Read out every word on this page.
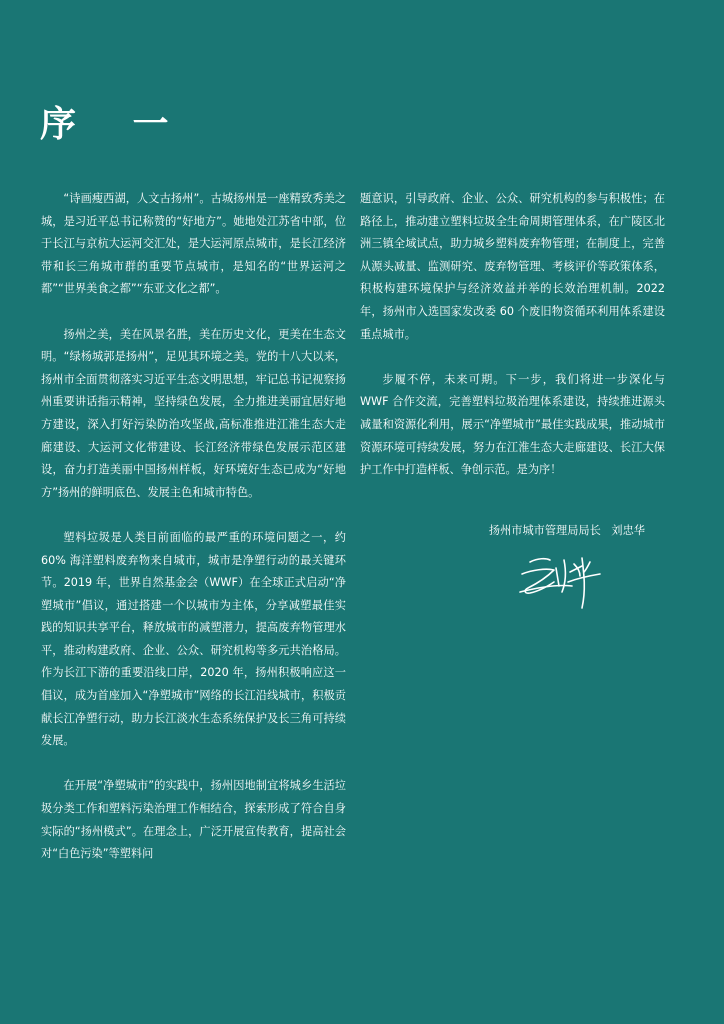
序 一

“诗画瘦西湖，人文古扬州”。古城扬州是一座精致秀美之城，是习近平总书记称赞的“好地方”。她地处江苏省中部，位于长江与京杭大运河交汇处，是大运河原点城市，是长江经济带和长三角城市群的重要节点城市，是知名的“世界运河之都”“世界美食之都”“东亚文化之都”。

扬州之美，美在风景名胜，美在历史文化，更美在生态文明。“绿杨城郭是扬州”，足见其环境之美。党的十八大以来，扬州市全面贯彻落实习近平生态文明思想，牢记总书记视察扬州重要讲话指示精神，坚持绿色发展，全力推进美丽宜居好地方建设，深入打好污染防治攻坚战,高标准推进江淮生态大走廊建设、大运河文化带建设、长江经济带绿色发展示范区建设，奋力打造美丽中国扬州样板，好环境好生态已成为“好地方”扬州的鲜明底色、发展主色和城市特色。

塑料垃圾是人类目前面临的最严重的环境问题之一，约 60% 海洋塑料废弃物来自城市，城市是净塑行动的最关键环节。2019 年，世界自然基金会（WWF）在全球正式启动“净塑城市”倡议，通过搭建一个以城市为主体，分享减塑最佳实践的知识共享平台，释放城市的减塑潜力，提高废弃物管理水平，推动构建政府、企业、公众、研究机构等多元共治格局。作为长江下游的重要沿线口岸，2020 年，扬州积极响应这一倡议，成为首座加入“净塑城市”网络的长江沿线城市，积极贡献长江净塑行动，助力长江淡水生态系统保护及长三角可持续发展。

在开展“净塑城市”的实践中，扬州因地制宜将城乡生活垃圾分类工作和塑料污染治理工作相结合，探索形成了符合自身实际的“扬州模式”。在理念上，广泛开展宣传教育，提高社会对“白色污染”等塑料问

题意识，引导政府、企业、公众、研究机构的参与积极性；在路径上，推动建立塑料垃圾全生命周期管理体系，在广陵区北洲三镇全域试点，助力城乡塑料废弃物管理；在制度上，完善从源头减量、监测研究、废弃物管理、考核评价等政策体系，积极构建环境保护与经济效益并举的长效治理机制。2022 年，扬州市入选国家发改委 60 个废旧物资循环利用体系建设重点城市。

步履不停，未来可期。下一步，我们将进一步深化与 WWF 合作交流，完善塑料垃圾治理体系建设，持续推进源头减量和资源化利用，展示“净塑城市”最佳实践成果，推动城市资源环境可持续发展，努力在江淮生态大走廊建设、长江大保护工作中打造样板、争创示范。是为序！

扬州市城市管理局局长   刘忠华
